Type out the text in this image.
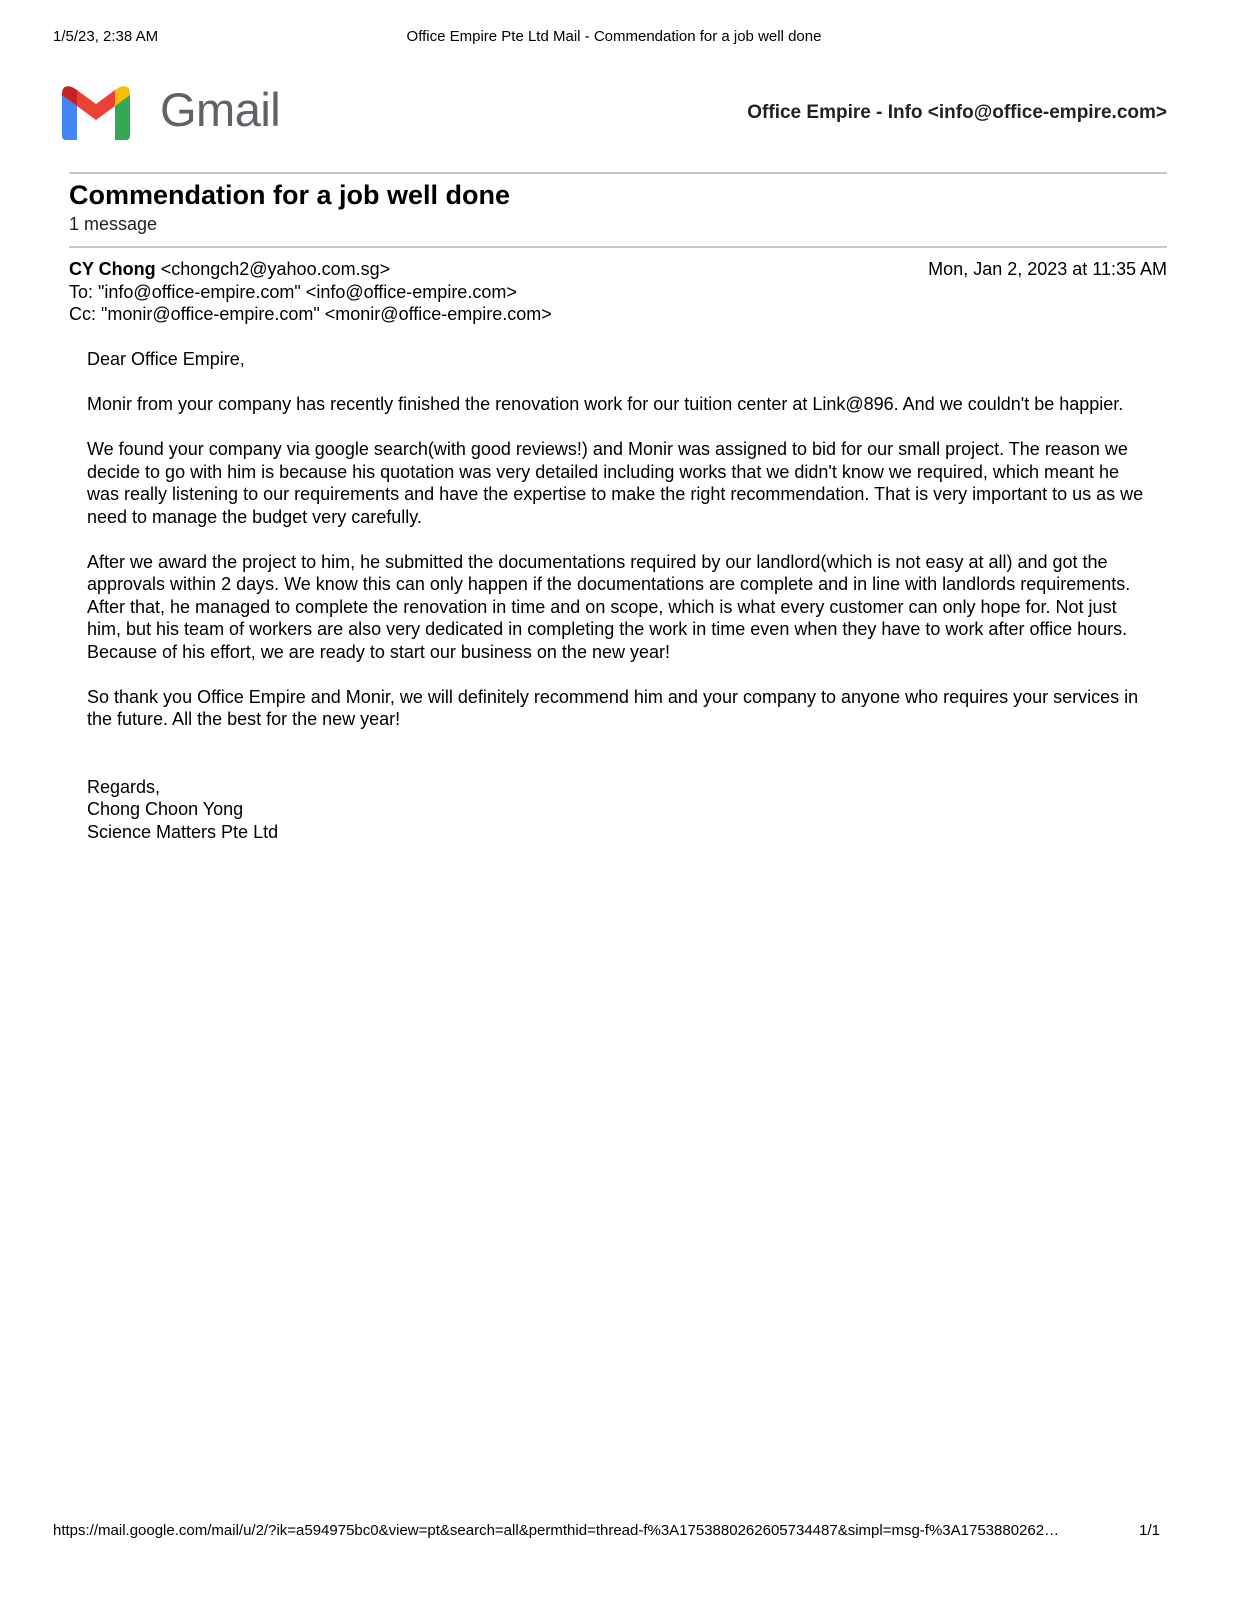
1/5/23, 2:38 AM	Office Empire Pte Ltd Mail - Commendation for a job well done
Gmail	Office Empire - Info <info@office-empire.com>
Commendation for a job well done
1 message
CY Chong <chongch2@yahoo.com.sg>	Mon, Jan 2, 2023 at 11:35 AM
To: "info@office-empire.com" <info@office-empire.com>
Cc: "monir@office-empire.com" <monir@office-empire.com>

Dear Office Empire,

Monir from your company has recently finished the renovation work for our tuition center at Link@896. And we couldn't be happier.

We found your company via google search(with good reviews!) and Monir was assigned to bid for our small project. The reason we decide to go with him is because his quotation was very detailed including works that we didn't know we required, which meant he was really listening to our requirements and have the expertise to make the right recommendation. That is very important to us as we need to manage the budget very carefully.

After we award the project to him, he submitted the documentations required by our landlord(which is not easy at all) and got the approvals within 2 days. We know this can only happen if the documentations are complete and in line with landlords requirements. After that, he managed to complete the renovation in time and on scope, which is what every customer can only hope for. Not just him, but his team of workers are also very dedicated in completing the work in time even when they have to work after office hours. Because of his effort, we are ready to start our business on the new year!

So thank you Office Empire and Monir, we will definitely recommend him and your company to anyone who requires your services in the future. All the best for the new year!

Regards,
Chong Choon Yong
Science Matters Pte Ltd
https://mail.google.com/mail/u/2/?ik=a594975bc0&view=pt&search=all&permthid=thread-f%3A1753880262605734487&simpl=msg-f%3A1753880262…	1/1
